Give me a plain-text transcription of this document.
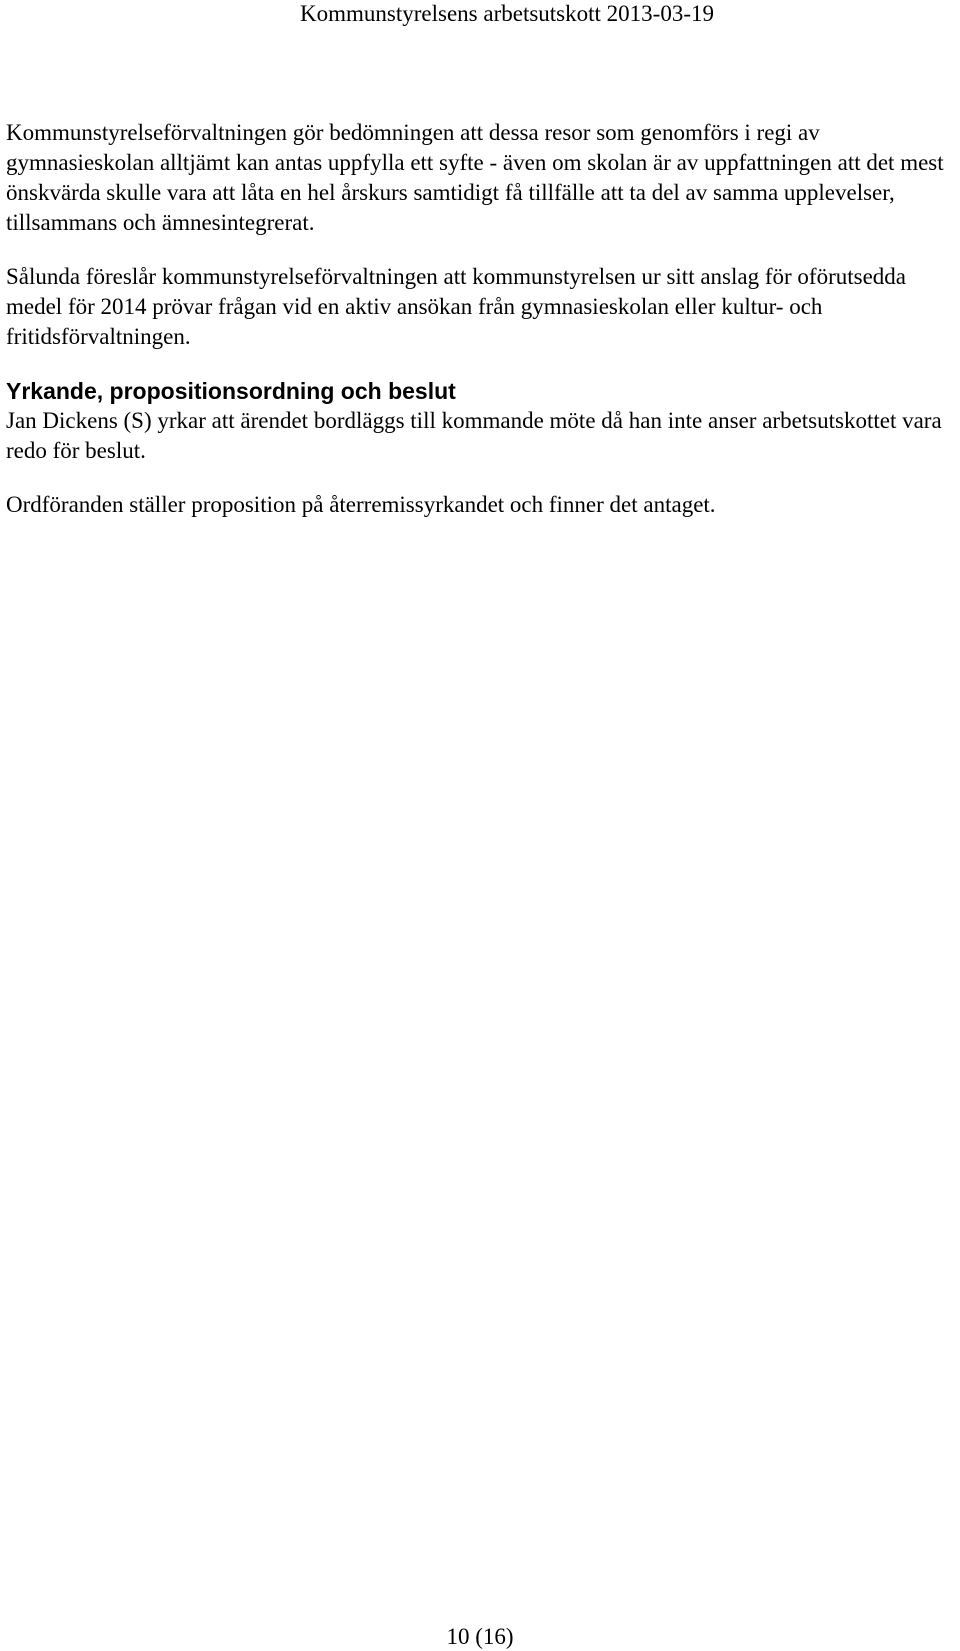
Kommunstyrelsens arbetsutskott 2013-03-19

Kommunstyrelseförvaltningen gör bedömningen att dessa resor som genomförs i regi av gymnasieskolan alltjämt kan antas uppfylla ett syfte - även om skolan är av uppfattningen att det mest önskvärda skulle vara att låta en hel årskurs samtidigt få tillfälle att ta del av samma upplevelser, tillsammans och ämnesintegrerat.

Sålunda föreslår kommunstyrelseförvaltningen att kommunstyrelsen ur sitt anslag för oförutsedda medel för 2014 prövar frågan vid en aktiv ansökan från gymnasieskolan eller kultur- och fritidsförvaltningen.

Yrkande, propositionsordning och beslut

Jan Dickens (S) yrkar att ärendet bordläggs till kommande möte då han inte anser arbetsutskottet vara redo för beslut.

Ordföranden ställer proposition på återremissyrkandet och finner det antaget.

10 (16)
